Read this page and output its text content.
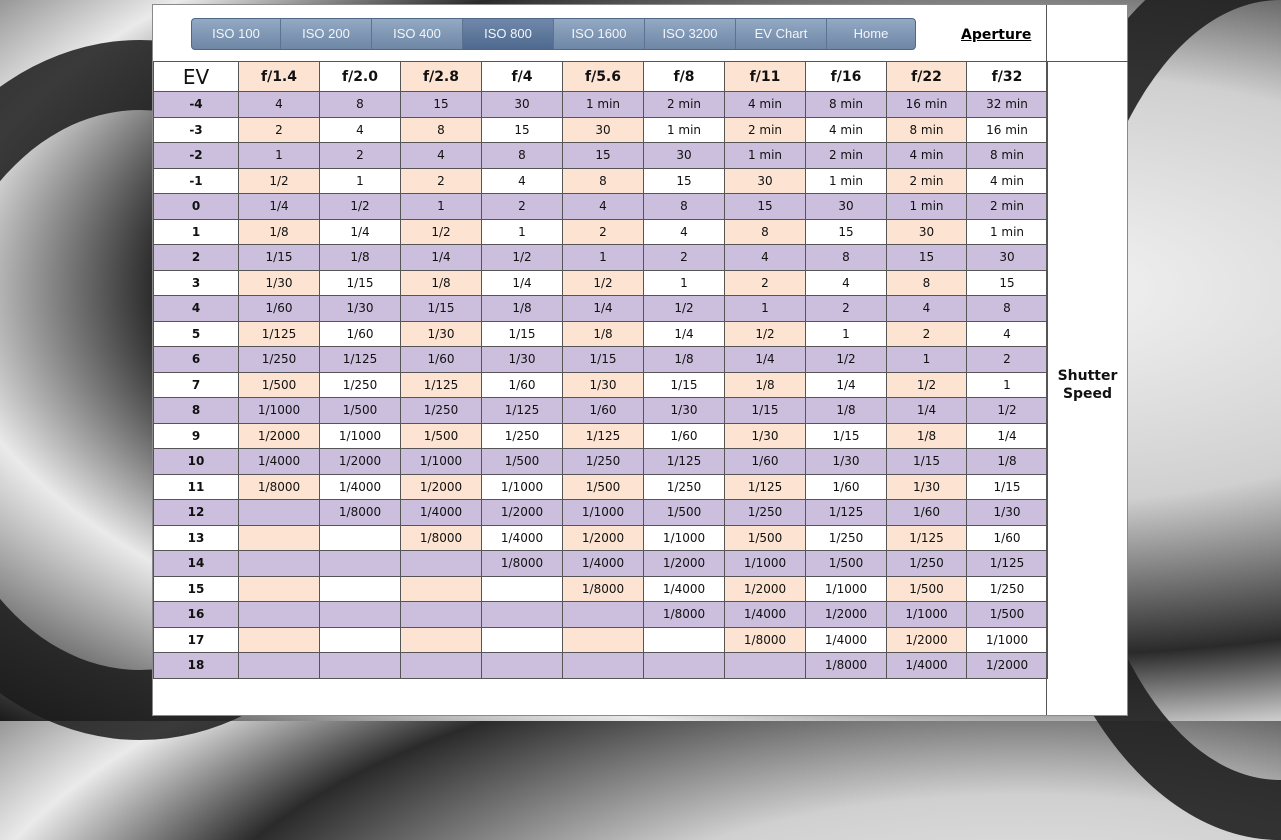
ISO 100	ISO 200	ISO 400	ISO 800	ISO 1600	ISO 3200	EV Chart	Home	Aperture
EV	f/1.4	f/2.0	f/2.8	f/4	f/5.6	f/8	f/11	f/16	f/22	f/32
-4	4	8	15	30	1 min	2 min	4 min	8 min	16 min	32 min
-3	2	4	8	15	30	1 min	2 min	4 min	8 min	16 min
-2	1	2	4	8	15	30	1 min	2 min	4 min	8 min
-1	1/2	1	2	4	8	15	30	1 min	2 min	4 min
0	1/4	1/2	1	2	4	8	15	30	1 min	2 min
1	1/8	1/4	1/2	1	2	4	8	15	30	1 min
2	1/15	1/8	1/4	1/2	1	2	4	8	15	30
3	1/30	1/15	1/8	1/4	1/2	1	2	4	8	15
4	1/60	1/30	1/15	1/8	1/4	1/2	1	2	4	8
5	1/125	1/60	1/30	1/15	1/8	1/4	1/2	1	2	4
6	1/250	1/125	1/60	1/30	1/15	1/8	1/4	1/2	1	2
7	1/500	1/250	1/125	1/60	1/30	1/15	1/8	1/4	1/2	1
8	1/1000	1/500	1/250	1/125	1/60	1/30	1/15	1/8	1/4	1/2
9	1/2000	1/1000	1/500	1/250	1/125	1/60	1/30	1/15	1/8	1/4
10	1/4000	1/2000	1/1000	1/500	1/250	1/125	1/60	1/30	1/15	1/8
11	1/8000	1/4000	1/2000	1/1000	1/500	1/250	1/125	1/60	1/30	1/15
12		1/8000	1/4000	1/2000	1/1000	1/500	1/250	1/125	1/60	1/30
13			1/8000	1/4000	1/2000	1/1000	1/500	1/250	1/125	1/60
14				1/8000	1/4000	1/2000	1/1000	1/500	1/250	1/125
15					1/8000	1/4000	1/2000	1/1000	1/500	1/250
16						1/8000	1/4000	1/2000	1/1000	1/500
17							1/8000	1/4000	1/2000	1/1000
18								1/8000	1/4000	1/2000
Shutter
Speed
